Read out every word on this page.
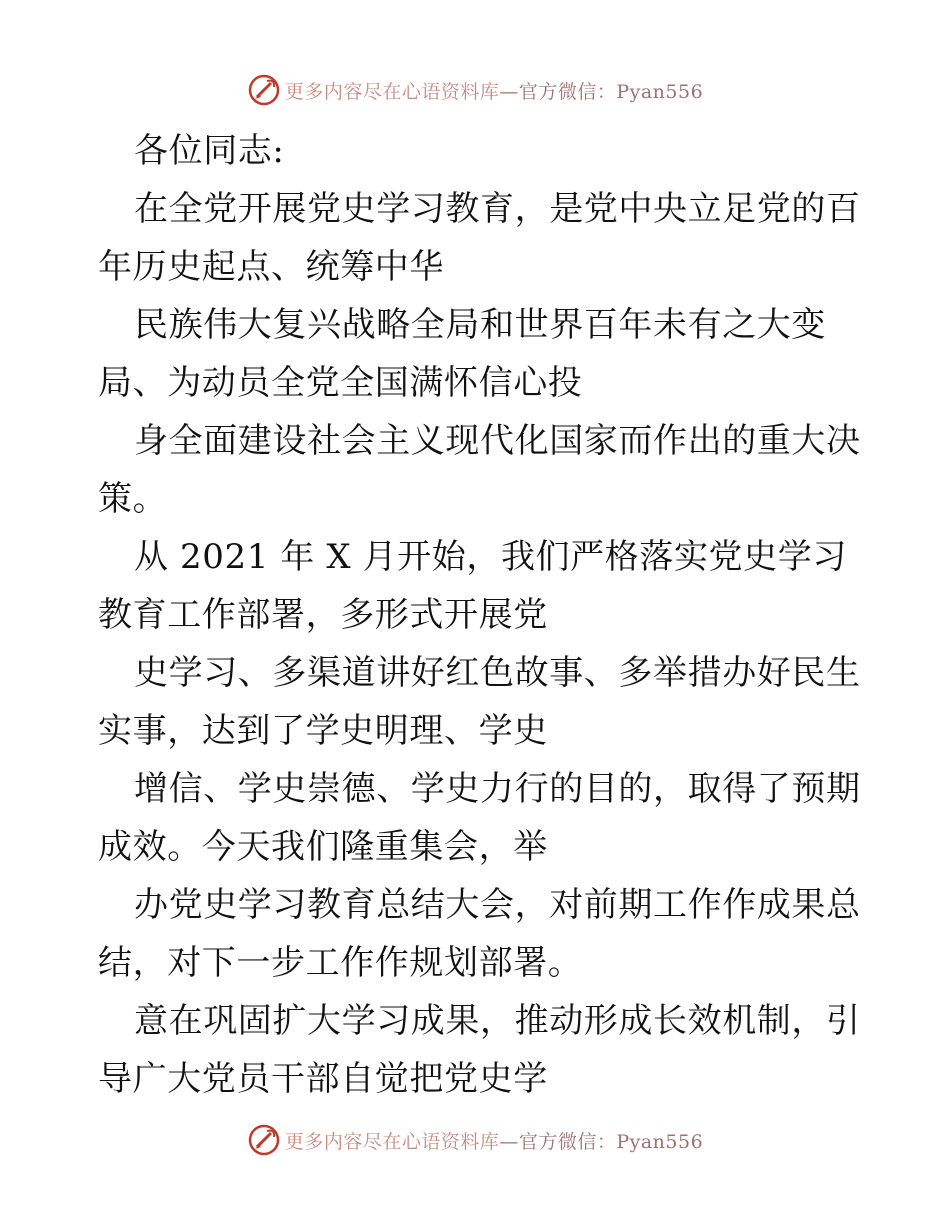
更多内容尽在心语资料库—官方微信：Pyan556
各位同志:
在全党开展党史学习教育，是党中央立足党的百
年历史起点、统筹中华
民族伟大复兴战略全局和世界百年未有之大变
局、为动员全党全国满怀信心投
身全面建设社会主义现代化国家而作出的重大决
策。
从 2021 年 X 月开始，我们严格落实党史学习
教育工作部署，多形式开展党
史学习、多渠道讲好红色故事、多举措办好民生
实事，达到了学史明理、学史
增信、学史崇德、学史力行的目的，取得了预期
成效。今天我们隆重集会，举
办党史学习教育总结大会，对前期工作作成果总
结，对下一步工作作规划部署。
意在巩固扩大学习成果，推动形成长效机制，引
导广大党员干部自觉把党史学
更多内容尽在心语资料库—官方微信：Pyan556
